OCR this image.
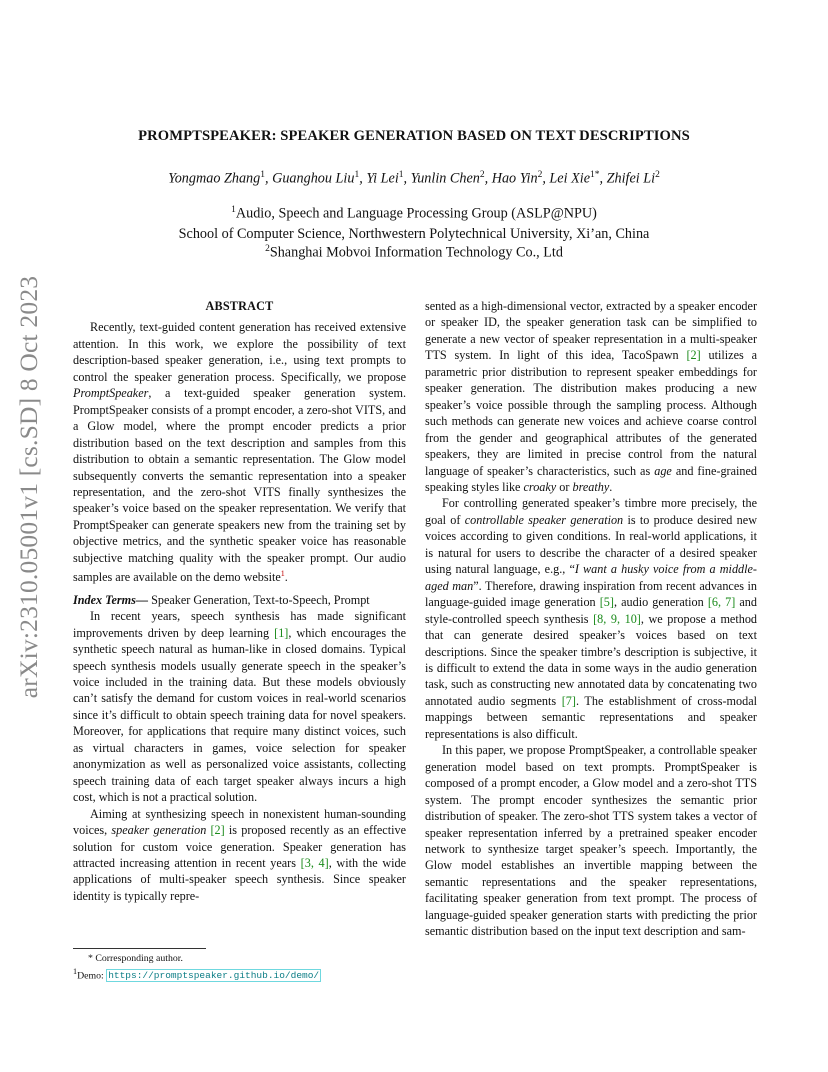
arXiv:2310.05001v1 [cs.SD] 8 Oct 2023
PROMPTSPEAKER: SPEAKER GENERATION BASED ON TEXT DESCRIPTIONS
Yongmao Zhang$^1$, Guanghou Liu$^1$, Yi Lei$^1$, Yunlin Chen$^2$, Hao Yin$^2$, Lei Xie$^{1*}$, Zhifei Li$^2$
$^1$Audio, Speech and Language Processing Group (ASLP@NPU)
School of Computer Science, Northwestern Polytechnical University, Xi’an, China
$^2$Shanghai Mobvoi Information Technology Co., Ltd
ABSTRACT

Recently, text-guided content generation has received extensive attention. In this work, we explore the possibility of text description-based speaker generation, i.e., using text prompts to control the speaker generation process. Specifically, we propose PromptSpeaker, a text-guided speaker generation system. PromptSpeaker consists of a prompt encoder, a zero-shot VITS, and a Glow model, where the prompt encoder predicts a prior distribution based on the text description and samples from this distribution to obtain a semantic representation. The Glow model subsequently converts the semantic representation into a speaker representation, and the zero-shot VITS finally synthesizes the speaker’s voice based on the speaker representation. We verify that PromptSpeaker can generate speakers new from the training set by objective metrics, and the synthetic speaker voice has reasonable subjective matching quality with the speaker prompt. Our audio samples are available on the demo website$^1$.

Index Terms— Speaker Generation, Text-to-Speech, Prompt

In recent years, speech synthesis has made significant improvements driven by deep learning [1], which encourages the synthetic speech natural as human-like in closed domains. Typical speech synthesis models usually generate speech in the speaker’s voice included in the training data. But these models obviously can’t satisfy the demand for custom voices in real-world scenarios since it’s difficult to obtain speech training data for novel speakers. Moreover, for applications that require many distinct voices, such as virtual characters in games, voice selection for speaker anonymization as well as personalized voice assistants, collecting speech training data of each target speaker always incurs a high cost, which is not a practical solution.

Aiming at synthesizing speech in nonexistent human-sounding voices, speaker generation [2] is proposed recently as an effective solution for custom voice generation. Speaker generation has attracted increasing attention in recent years [3, 4], with the wide applications of multi-speaker speech synthesis. Since speaker identity is typically repre-

sented as a high-dimensional vector, extracted by a speaker encoder or speaker ID, the speaker generation task can be simplified to generate a new vector of speaker representation in a multi-speaker TTS system. In light of this idea, TacoSpawn [2] utilizes a parametric prior distribution to represent speaker embeddings for speaker generation. The distribution makes producing a new speaker’s voice possible through the sampling process. Although such methods can generate new voices and achieve coarse control from the gender and geographical attributes of the generated speakers, they are limited in precise control from the natural language of speaker’s characteristics, such as age and fine-grained speaking styles like croaky or breathy.

For controlling generated speaker’s timbre more precisely, the goal of controllable speaker generation is to produce desired new voices according to given conditions. In real-world applications, it is natural for users to describe the character of a desired speaker using natural language, e.g., “I want a husky voice from a middle-aged man”. Therefore, drawing inspiration from recent advances in language-guided image generation [5], audio generation [6, 7] and style-controlled speech synthesis [8, 9, 10], we propose a method that can generate desired speaker’s voices based on text descriptions. Since the speaker timbre’s description is subjective, it is difficult to extend the data in some ways in the audio generation task, such as constructing new annotated data by concatenating two annotated audio segments [7]. The establishment of cross-modal mappings between semantic representations and speaker representations is also difficult.

In this paper, we propose PromptSpeaker, a controllable speaker generation model based on text prompts. PromptSpeaker is composed of a prompt encoder, a Glow model and a zero-shot TTS system. The prompt encoder synthesizes the semantic prior distribution of speaker. The zero-shot TTS system takes a vector of speaker representation inferred by a pretrained speaker encoder network to synthesize target speaker’s speech. Importantly, the Glow model establishes an invertible mapping between the semantic representations and the speaker representations, facilitating speaker generation from text prompt. The process of language-guided speaker generation starts with predicting the prior semantic distribution based on the input text description and sam-

* Corresponding author.
$^1$Demo: https://promptspeaker.github.io/demo/
